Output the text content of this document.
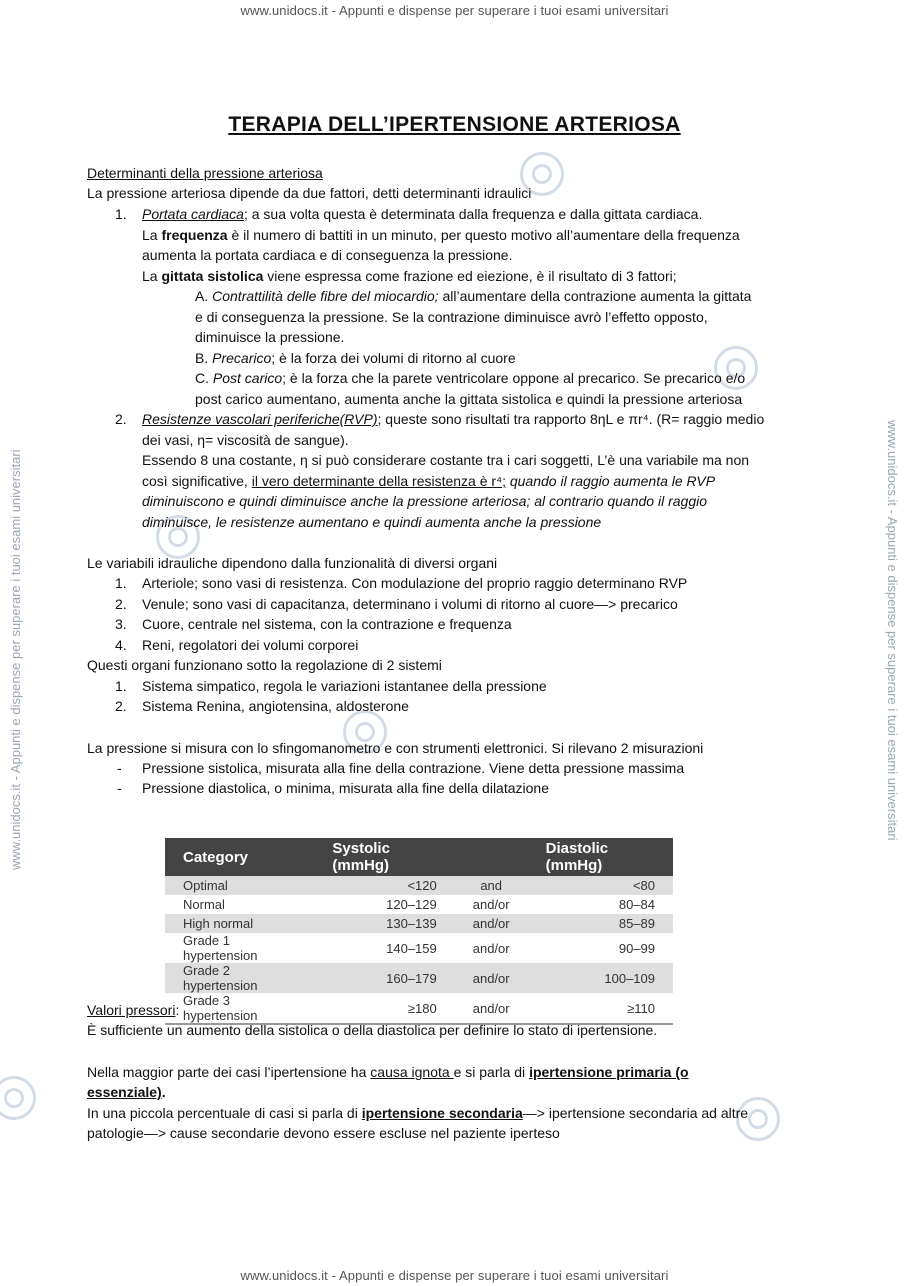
www.unidocs.it - Appunti e dispense per superare i tuoi esami universitari
www.unidocs.it - Appunti e dispense per superare i tuoi esami universitari
www.unidocs.it - Appunti e dispense per superare i tuoi esami universitari	www.unidocs.it - Appunti e dispense per superare i tuoi esami universitari
TERAPIA DELL’IPERTENSIONE ARTERIOSA
Determinanti della pressione arteriosa
La pressione arteriosa dipende da due fattori, detti determinanti idraulici
1. Portata cardiaca; a sua volta questa è determinata dalla frequenza e dalla gittata cardiaca.
La frequenza è il numero di battiti in un minuto, per questo motivo all’aumentare della frequenza
aumenta la portata cardiaca e di conseguenza la pressione.
La gittata sistolica viene espressa come frazione ed eiezione, è il risultato di 3 fattori;
A. Contrattilità delle fibre del miocardio; all’aumentare della contrazione aumenta la gittata
e di conseguenza la pressione. Se la contrazione diminuisce avrò l’effetto opposto,
diminuisce la pressione.
B. Precarico; è la forza dei volumi di ritorno al cuore
C. Post carico; è la forza che la parete ventricolare oppone al precarico. Se precarico e/o
post carico aumentano, aumenta anche la gittata sistolica e quindi la pressione arteriosa
2. Resistenze vascolari periferiche(RVP); queste sono risultati tra rapporto 8ηL e πr⁴. (R= raggio medio
dei vasi, η= viscosità de sangue).
Essendo 8 una costante, η si può considerare costante tra i cari soggetti, L’è una variabile ma non
così significative, il vero determinante della resistenza è r⁴; quando il raggio aumenta le RVP
diminuiscono e quindi diminuisce anche la pressione arteriosa; al contrario quando il raggio
diminuisce, le resistenze aumentano e quindi aumenta anche la pressione
Le variabili idrauliche dipendono dalla funzionalità di diversi organi
1. Arteriole; sono vasi di resistenza. Con modulazione del proprio raggio determinano RVP
2. Venule; sono vasi di capacitanza, determinano i volumi di ritorno al cuore—> precarico
3. Cuore, centrale nel sistema, con la contrazione e frequenza
4. Reni, regolatori dei volumi corporei
Questi organi funzionano sotto la regolazione di 2 sistemi
1. Sistema simpatico, regola le variazioni istantanee della pressione
2. Sistema Renina, angiotensina, aldosterone
La pressione si misura con lo sfingomanometro e con strumenti elettronici. Si rilevano 2 misurazioni
- Pressione sistolica, misurata alla fine della contrazione. Viene detta pressione massima
- Pressione diastolica, o minima, misurata alla fine della dilatazione
Category	Systolic (mmHg)		Diastolic (mmHg)
Optimal	<120	and	<80
Normal	120–129	and/or	80–84
High normal	130–139	and/or	85–89
Grade 1 hypertension	140–159	and/or	90–99
Grade 2 hypertension	160–179	and/or	100–109
Grade 3 hypertension	≥180	and/or	≥110
Valori pressori:
È sufficiente un aumento della sistolica o della diastolica per definire lo stato di ipertensione.
Nella maggior parte dei casi l’ipertensione ha causa ignota e si parla di ipertensione primaria (o
essenziale).
In una piccola percentuale di casi si parla di ipertensione secondaria—> ipertensione secondaria ad altre
patologie—> cause secondarie devono essere escluse nel paziente iperteso
